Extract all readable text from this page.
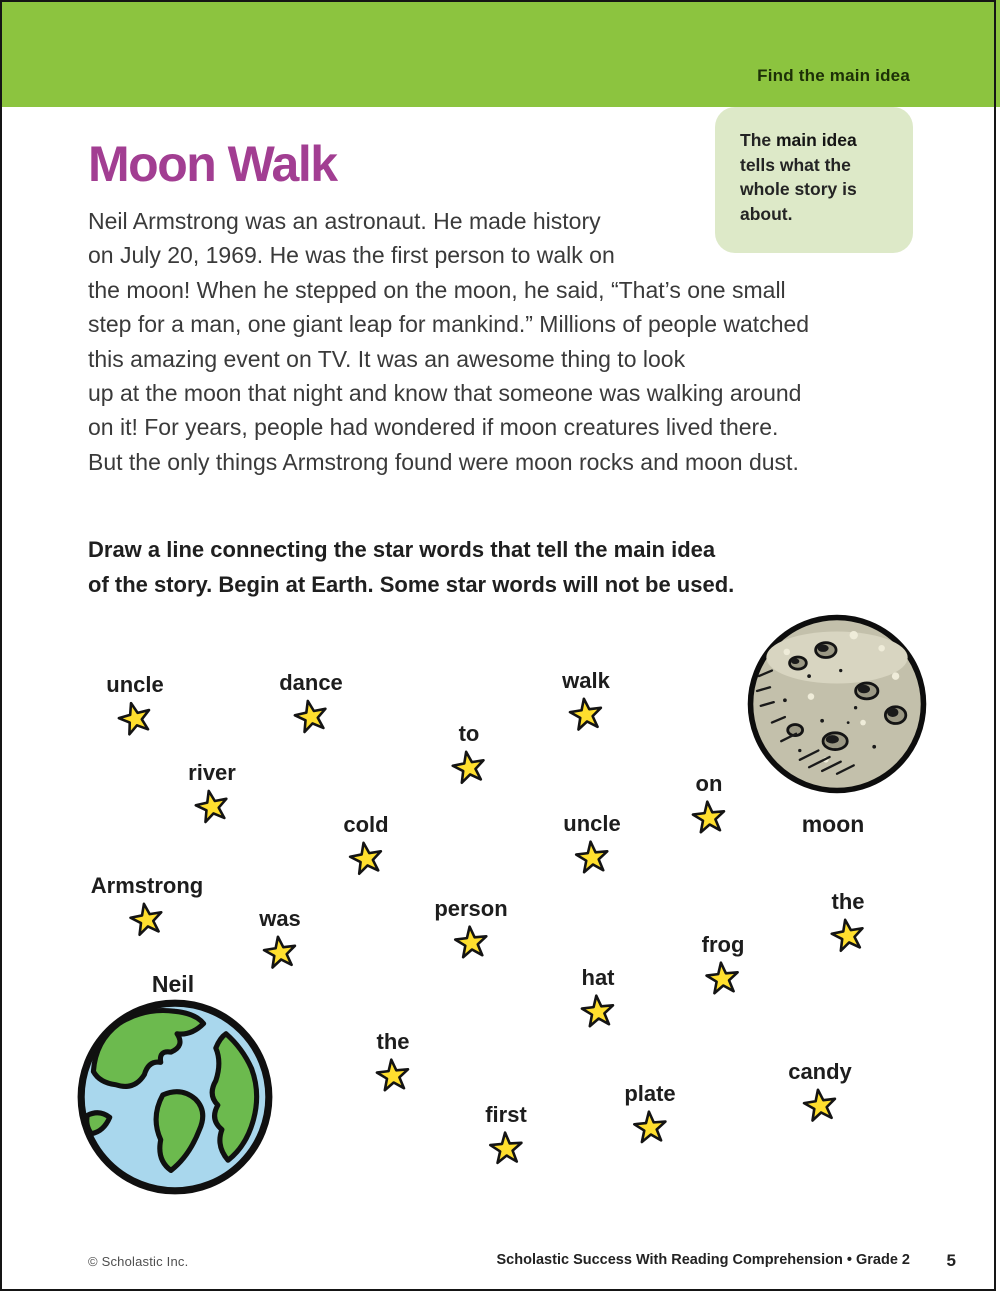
Find the main idea

The main idea
tells what the
whole story is
about.

Moon Walk
Neil Armstrong was an astronaut. He made history
on July 20, 1969. He was the first person to walk on
the moon! When he stepped on the moon, he said, “That’s one small
step for a man, one giant leap for mankind.” Millions of people watched
this amazing event on TV. It was an awesome thing to look
up at the moon that night and know that someone was walking around
on it! For years, people had wondered if moon creatures lived there.
But the only things Armstrong found were moon rocks and moon dust.
Draw a line connecting the star words that tell the main idea
of the story. Begin at Earth. Some star words will not be used.
moon
Neil
uncle	dance	walk
to
river	on
cold	uncle
Armstrong
person	the
was
frog
hat
the
candy
plate
first
© Scholastic Inc.	Scholastic Success With Reading Comprehension • Grade 2 5
